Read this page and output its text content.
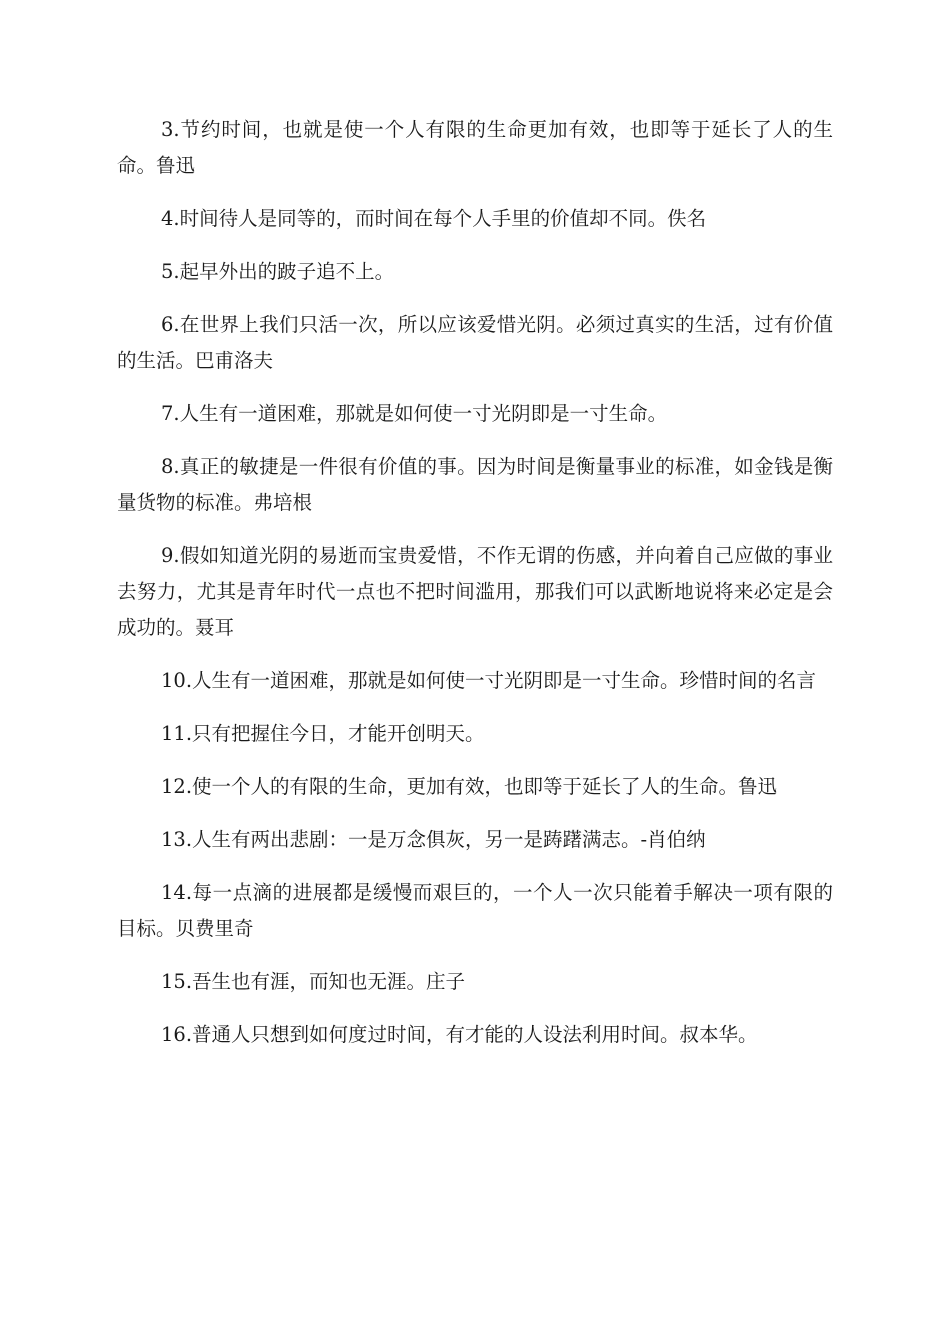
3.节约时间，也就是使一个人有限的生命更加有效，也即等于延长了人的生命。鲁迅

4.时间待人是同等的，而时间在每个人手里的价值却不同。佚名

5.起早外出的跛子追不上。

6.在世界上我们只活一次，所以应该爱惜光阴。必须过真实的生活，过有价值的生活。巴甫洛夫

7.人生有一道困难，那就是如何使一寸光阴即是一寸生命。

8.真正的敏捷是一件很有价值的事。因为时间是衡量事业的标准，如金钱是衡量货物的标准。弗培根

9.假如知道光阴的易逝而宝贵爱惜，不作无谓的伤感，并向着自己应做的事业去努力，尤其是青年时代一点也不把时间滥用，那我们可以武断地说将来必定是会成功的。聂耳

10.人生有一道困难，那就是如何使一寸光阴即是一寸生命。珍惜时间的名言

11.只有把握住今日，才能开创明天。

12.使一个人的有限的生命，更加有效，也即等于延长了人的生命。鲁迅

13.人生有两出悲剧：一是万念俱灰，另一是踌躇满志。-肖伯纳

14.每一点滴的进展都是缓慢而艰巨的，一个人一次只能着手解决一项有限的目标。贝费里奇

15.吾生也有涯，而知也无涯。庄子

16.普通人只想到如何度过时间，有才能的人设法利用时间。叔本华。
